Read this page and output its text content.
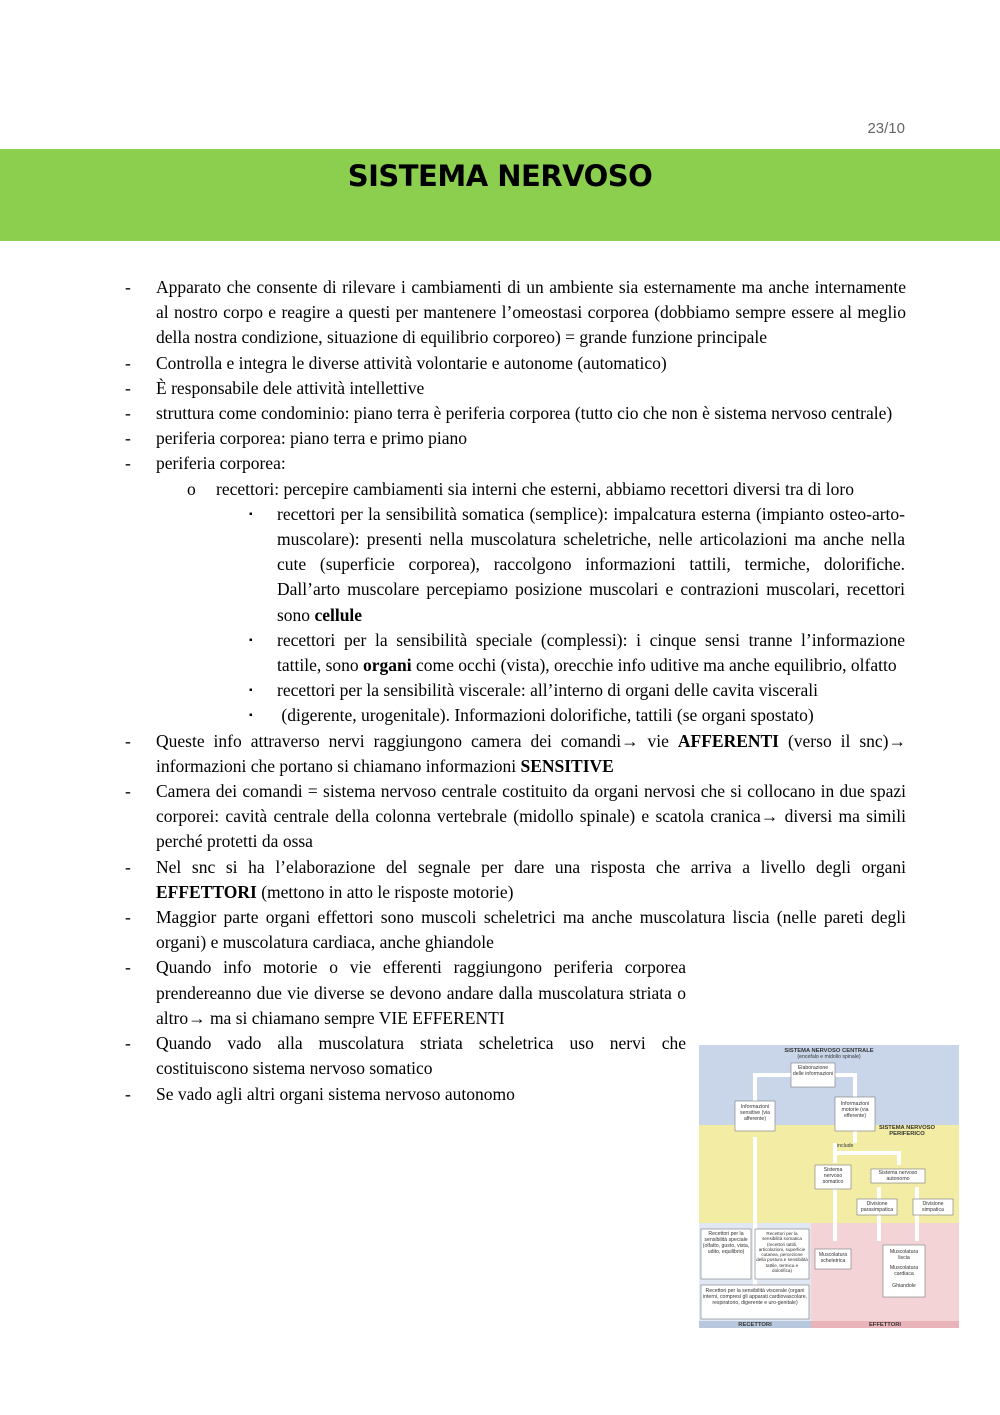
23/10
SISTEMA NERVOSO
- Apparato che consente di rilevare i cambiamenti di un ambiente sia esternamente ma anche internamente al nostro corpo e reagire a questi per mantenere l’omeostasi corporea (dobbiamo sempre essere al meglio della nostra condizione, situazione di equilibrio corporeo) = grande funzione principale
- Controlla e integra le diverse attività volontarie e autonome (automatico)
- È responsabile dele attività intellettive
- struttura come condominio: piano terra è periferia corporea (tutto cio che non è sistema nervoso centrale)
- periferia corporea: piano terra e primo piano
- periferia corporea:
o recettori: percepire cambiamenti sia interni che esterni, abbiamo recettori diversi tra di loro
▪ recettori per la sensibilità somatica (semplice): impalcatura esterna (impianto osteo-arto-muscolare): presenti nella muscolatura scheletriche, nelle articolazioni ma anche nella cute (superficie corporea), raccolgono informazioni tattili, termiche, dolorifiche. Dall’arto muscolare percepiamo posizione muscolari e contrazioni muscolari, recettori sono cellule
▪ recettori per la sensibilità speciale (complessi): i cinque sensi tranne l’informazione tattile, sono organi come occhi (vista), orecchie info uditive ma anche equilibrio, olfatto
▪ recettori per la sensibilità viscerale: all’interno di organi delle cavita viscerali
▪ (digerente, urogenitale). Informazioni dolorifiche, tattili (se organi spostato)
- Queste info attraverso nervi raggiungono camera dei comandi→ vie AFFERENTI (verso il snc)→ informazioni che portano si chiamano informazioni SENSITIVE
- Camera dei comandi = sistema nervoso centrale costituito da organi nervosi che si collocano in due spazi corporei: cavità centrale della colonna vertebrale (midollo spinale) e scatola cranica→ diversi ma simili perché protetti da ossa
- Nel snc si ha l’elaborazione del segnale per dare una risposta che arriva a livello degli organi EFFETTORI (mettono in atto le risposte motorie)
- Maggior parte organi effettori sono muscoli scheletrici ma anche muscolatura liscia (nelle pareti degli organi) e muscolatura cardiaca, anche ghiandole
- Quando info motorie o vie efferenti raggiungono periferia corporea prendereanno due vie diverse se devono andare dalla muscolatura striata o altro→ ma si chiamano sempre VIE EFFERENTI
- Quando vado alla muscolatura striata scheletrica uso nervi che costituiscono sistema nervoso somatico
- Se vado agli altri organi sistema nervoso autonomo
SISTEMA NERVOSO CENTRALE
(encefalo e midollo spinale)
Elaborazione delle informazioni
Informazioni sensitive (via afferente)
Informazioni motorie (via efferente)
SISTEMA NERVOSO PERIFERICO
include
Sistema nervoso somatico
Sistema nervoso autonomo
Divisione parasimpatica
Divisione simpatica
Recettori per la sensibilità speciale (olfatto, gusto, vista, udito, equilibrio)
Recettori per la sensibilità somatica (recettori tattili, articolazioni, superficie cutanea, percezione della postura e sensibilità tattile, termica e dolorifica)
Recettori per la sensibilità viscerale (organi interni, compresi gli apparati cardiovascolare, respiratorio, digerente e uro-genitale)
Muscolatura scheletrica
Muscolatura liscia
Muscolatura cardiaca
Ghiandole
RECETTORI	EFFETTORI
